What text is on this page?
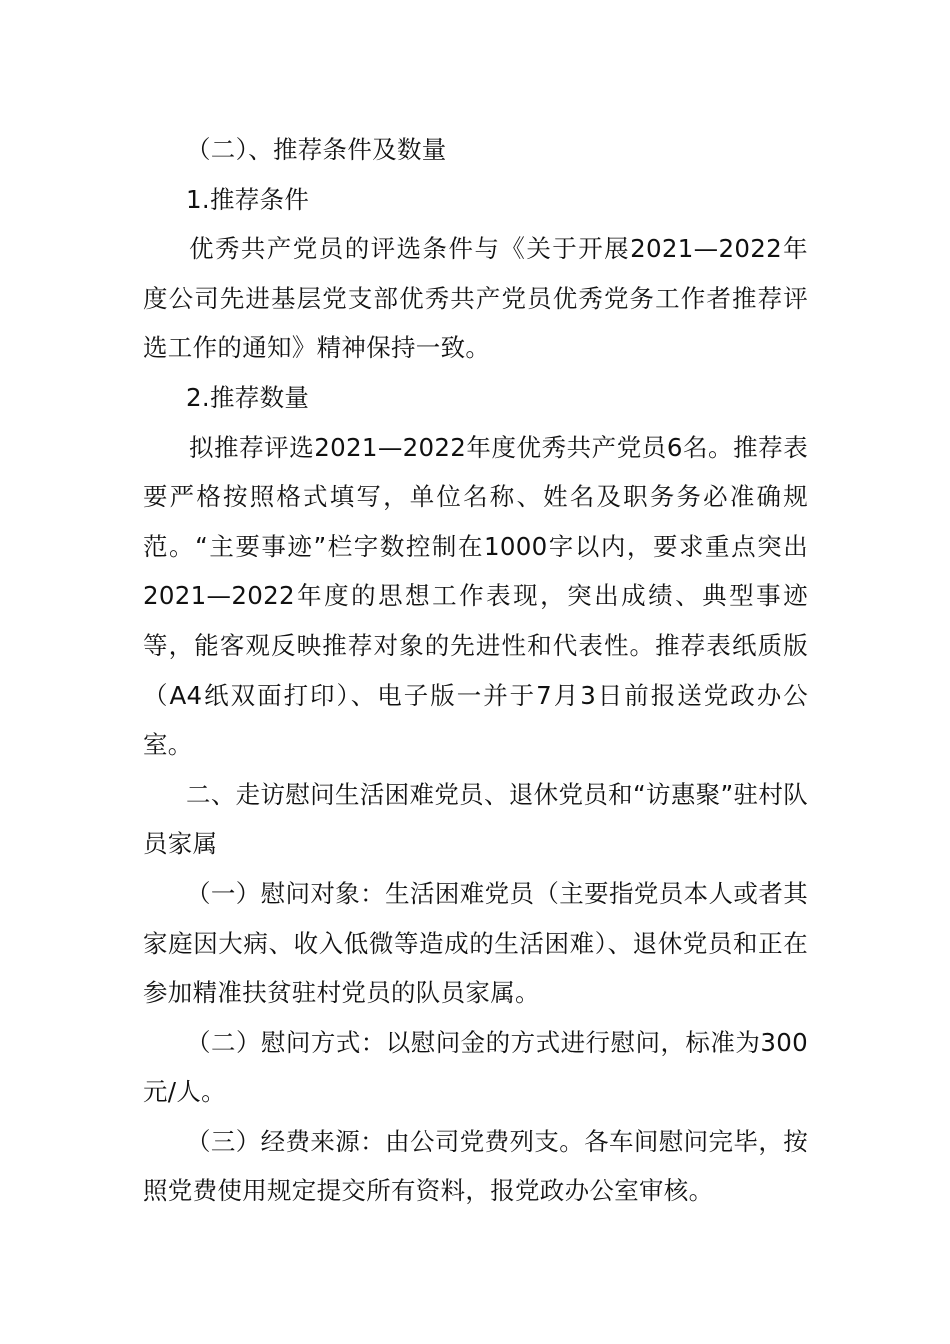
（二）、推荐条件及数量

1.推荐条件

优秀共产党员的评选条件与《关于开展2021—2022年度公司先进基层党支部优秀共产党员优秀党务工作者推荐评选工作的通知》精神保持一致。

2.推荐数量

拟推荐评选2021—2022年度优秀共产党员6名。推荐表要严格按照格式填写，单位名称、姓名及职务务必准确规范。“主要事迹”栏字数控制在1000字以内，要求重点突出2021—2022年度的思想工作表现，突出成绩、典型事迹等，能客观反映推荐对象的先进性和代表性。推荐表纸质版（A4纸双面打印）、电子版一并于7月3日前报送党政办公室。

二、走访慰问生活困难党员、退休党员和“访惠聚”驻村队员家属

（一）慰问对象：生活困难党员（主要指党员本人或者其家庭因大病、收入低微等造成的生活困难）、退休党员和正在参加精准扶贫驻村党员的队员家属。

（二）慰问方式：以慰问金的方式进行慰问，标准为300元/人。

（三）经费来源：由公司党费列支。各车间慰问完毕，按照党费使用规定提交所有资料，报党政办公室审核。
